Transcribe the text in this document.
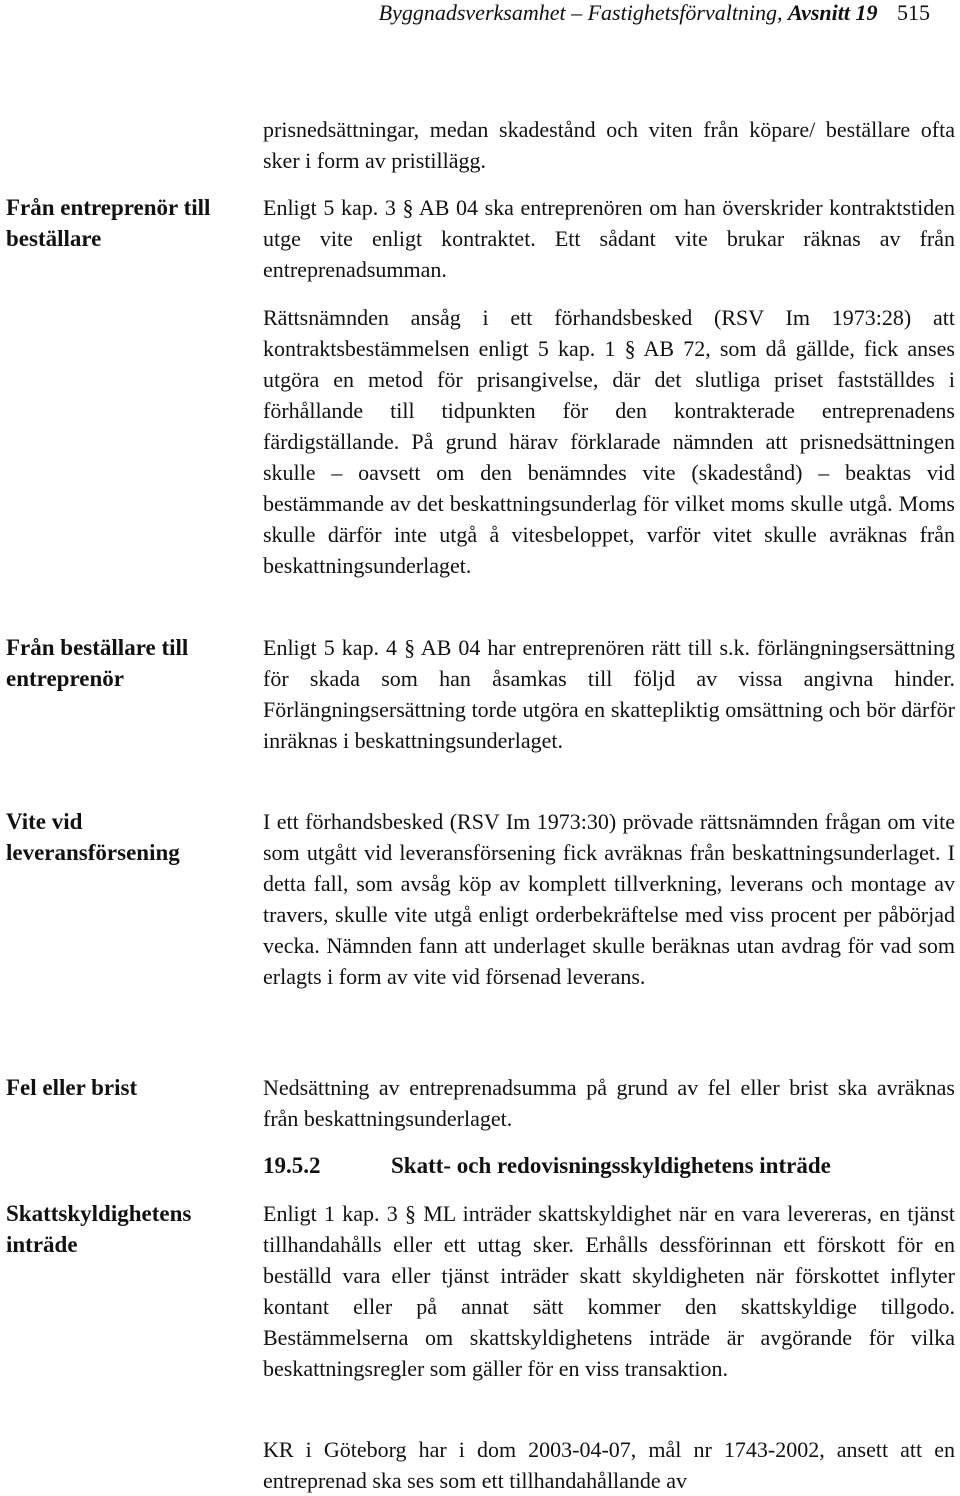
Byggnadsverksamhet – Fastighetsförvaltning, Avsnitt 19 515
Från entreprenör till beställare
Från beställare till entreprenör
Vite vid leveransförsening
Fel eller brist
Skattskyldighetens inträde

prisnedsättningar, medan skadestånd och viten från köpare/ beställare ofta sker i form av pristillägg.

Enligt 5 kap. 3 § AB 04 ska entreprenören om han överskrider kontraktstiden utge vite enligt kontraktet. Ett sådant vite brukar räknas av från entreprenadsumman.

Rättsnämnden ansåg i ett förhandsbesked (RSV Im 1973:28) att kontraktsbestämmelsen enligt 5 kap. 1 § AB 72, som då gällde, fick anses utgöra en metod för prisangivelse, där det slutliga priset fastställdes i förhållande till tidpunkten för den kontrakterade entreprenadens färdigställande. På grund härav förklarade nämnden att prisnedsättningen skulle – oavsett om den benämndes vite (skadestånd) – beaktas vid bestämmande av det beskattningsunderlag för vilket moms skulle utgå. Moms skulle därför inte utgå å vitesbeloppet, varför vitet skulle avräknas från beskattningsunderlaget.

Enligt 5 kap. 4 § AB 04 har entreprenören rätt till s.k. förlängningsersättning för skada som han åsamkas till följd av vissa angivna hinder. Förlängningsersättning torde utgöra en skattepliktig omsättning och bör därför inräknas i beskattningsunderlaget.

I ett förhandsbesked (RSV Im 1973:30) prövade rättsnämnden frågan om vite som utgått vid leveransförsening fick avräknas från beskattningsunderlaget. I detta fall, som avsåg köp av komplett tillverkning, leverans och montage av travers, skulle vite utgå enligt orderbekräftelse med viss procent per påbörjad vecka. Nämnden fann att underlaget skulle beräknas utan avdrag för vad som erlagts i form av vite vid försenad leverans.

Nedsättning av entreprenadsumma på grund av fel eller brist ska avräknas från beskattningsunderlaget.

19.5.2	Skatt- och redovisningsskyldighetens inträde

Enligt 1 kap. 3 § ML inträder skattskyldighet när en vara levereras, en tjänst tillhandahålls eller ett uttag sker. Erhålls dessförinnan ett förskott för en beställd vara eller tjänst inträder skatt skyldigheten när förskottet inflyter kontant eller på annat sätt kommer den skattskyldige tillgodo. Bestämmelserna om skattskyldighetens inträde är avgörande för vilka beskattningsregler som gäller för en viss transaktion.

KR i Göteborg har i dom 2003-04-07, mål nr 1743-2002, ansett att en entreprenad ska ses som ett tillhandahållande av
